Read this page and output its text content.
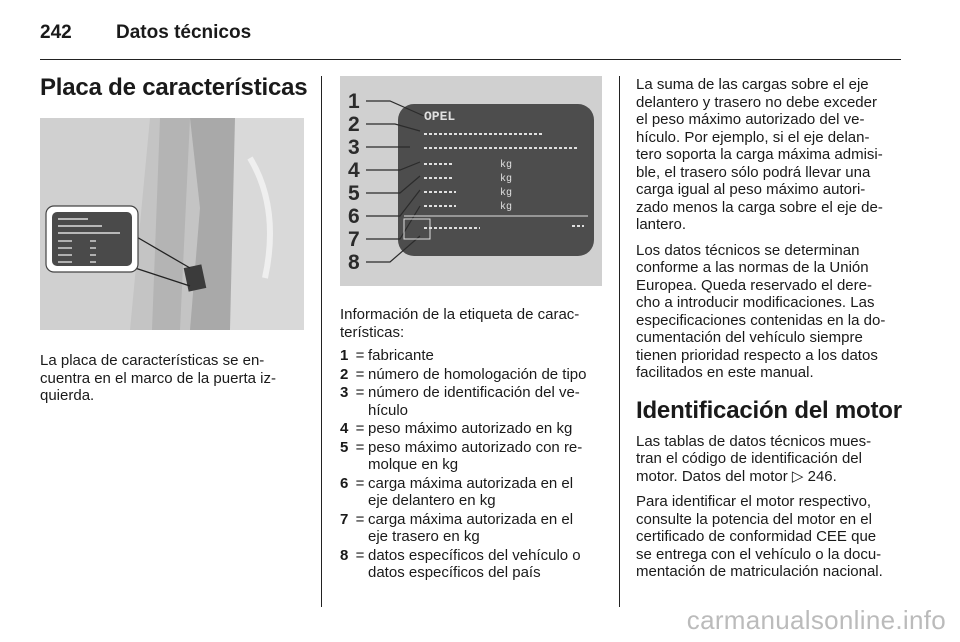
242 Datos técnicos
Placa de características

La placa de características se en-
cuentra en el marco de la puerta iz-
quierda.

1
2
3
4
5
6
7
8
OPEL
kg
kg
kg
kg

Información de la etiqueta de carac-
terísticas:

1 = fabricante
2 = número de homologación de tipo
3 = número de identificación del ve-
hículo
4 = peso máximo autorizado en kg
5 = peso máximo autorizado con re-
molque en kg
6 = carga máxima autorizada en el
eje delantero en kg
7 = carga máxima autorizada en el
eje trasero en kg
8 = datos específicos del vehículo o
datos específicos del país

La suma de las cargas sobre el eje
delantero y trasero no debe exceder
el peso máximo autorizado del ve-
hículo. Por ejemplo, si el eje delan-
tero soporta la carga máxima admisi-
ble, el trasero sólo podrá llevar una
carga igual al peso máximo autori-
zado menos la carga sobre el eje de-
lantero.

Los datos técnicos se determinan
conforme a las normas de la Unión
Europea. Queda reservado el dere-
cho a introducir modificaciones. Las
especificaciones contenidas en la do-
cumentación del vehículo siempre
tienen prioridad respecto a los datos
facilitados en este manual.

Identificación del motor

Las tablas de datos técnicos mues-
tran el código de identificación del
motor. Datos del motor ▷ 246.

Para identificar el motor respectivo,
consulte la potencia del motor en el
certificado de conformidad CEE que
se entrega con el vehículo o la docu-
mentación de matriculación nacional.

carmanualsonline.info
